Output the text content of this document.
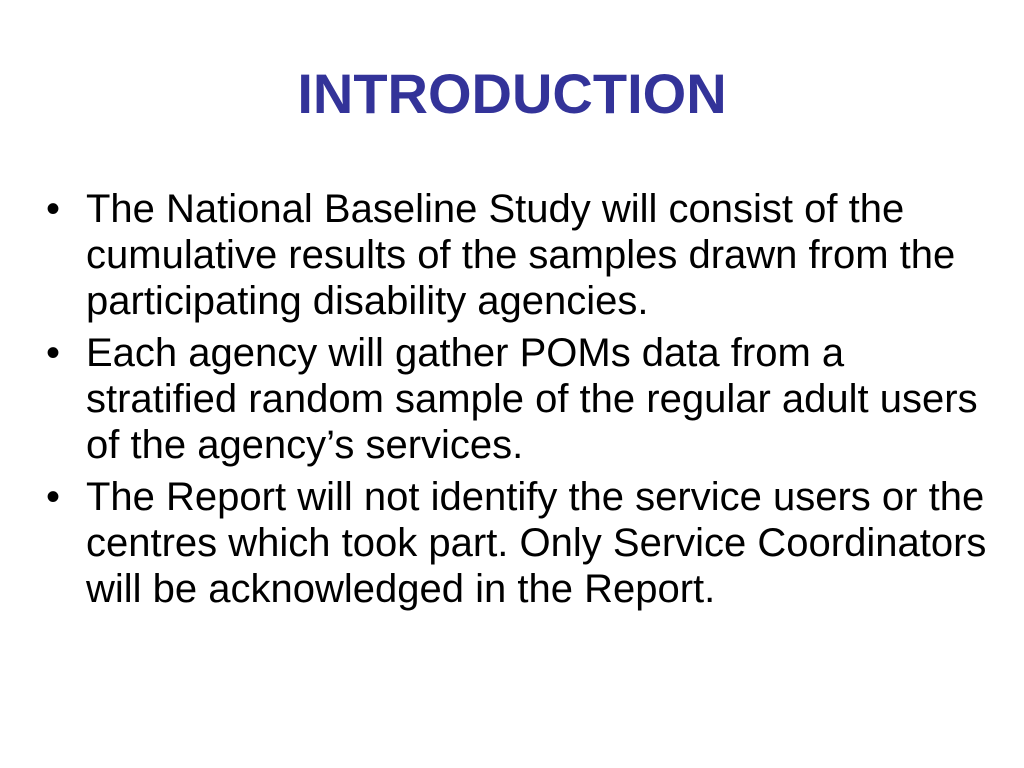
INTRODUCTION
• The National Baseline Study will consist of the cumulative results of the samples drawn from the participating disability agencies.
• Each agency will gather POMs data from a stratified random sample of the regular adult users of the agency’s services.
• The Report will not identify the service users or the centres which took part. Only Service Coordinators will be acknowledged in the Report.
